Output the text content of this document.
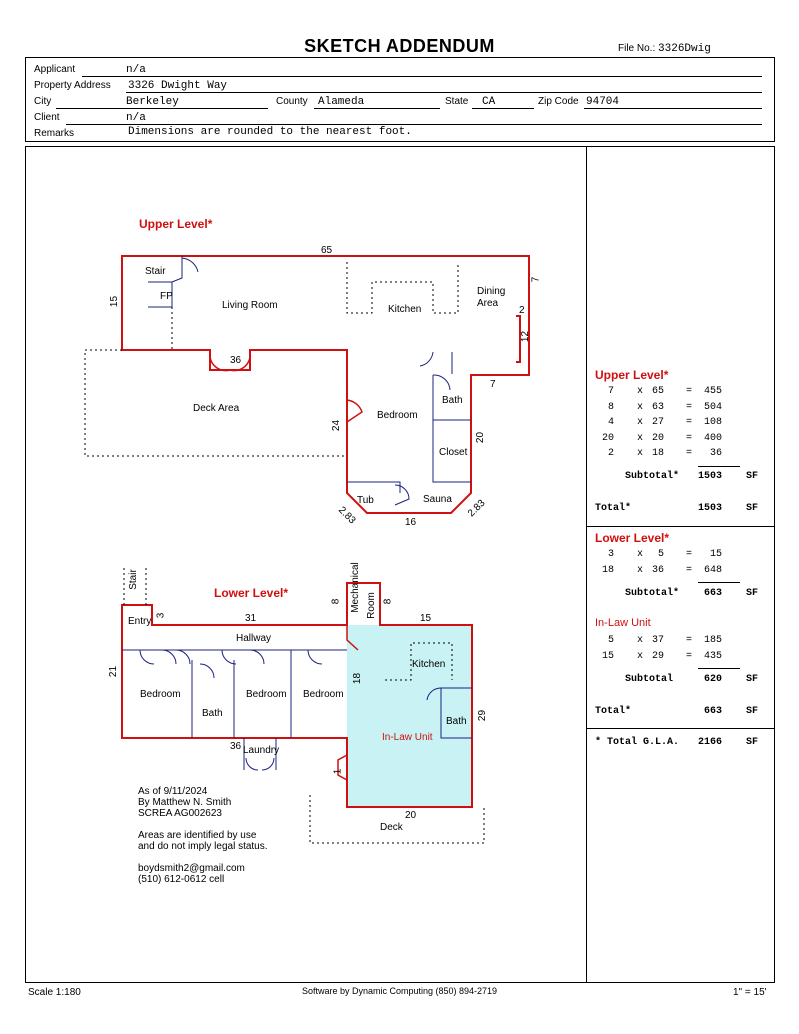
SKETCH ADDENDUM	File No.: 3326Dwig
Applicant	n/a
Property Address 3326 Dwight Way
City	Berkeley	County Alameda	State CA	Zip Code 94704
Client	n/a
Remarks	Dimensions are rounded to the nearest foot.
Upper Level*
Stair
FP
Living Room	Kitchen
Dining
Area
Deck Area
Bedroom
Bath
Closet
Tub	Sauna
65
7
15
2
12
36
7
24
20
2.83	16
2.83
Lower Level*
Stair
Entry
Hallway
Bedroom
Bath
Bedroom Bedroom
Laundry
Mechanical Room
Kitchen
Bath
In-Law Unit
Deck
3	31
8	8
15
21
18
29
36
20
1
As of 9/11/2024
By Matthew N. Smith
SCREA AG002623
Areas are identified by use
and do not imply legal status.
boydsmith2@gmail.com
(510) 612-0612 cell
Upper Level*
7 x 65 = 455
8 x 63 = 504
4 x 27 = 108
20 x 20 = 400
2 x 18 =	36
Subtotal* 1503 SF
Total*	1503 SF
Lower Level*
3 x	5 =	15
18 x 36 = 648
Subtotal* 663 SF
In-Law Unit
5 x 37 = 185
15 x 29 = 435
Subtotal	620 SF
Total*	663 SF
* Total G.L.A. 2166 SF
Scale 1:180	Software by Dynamic Computing (850) 894-2719	1" = 15'
